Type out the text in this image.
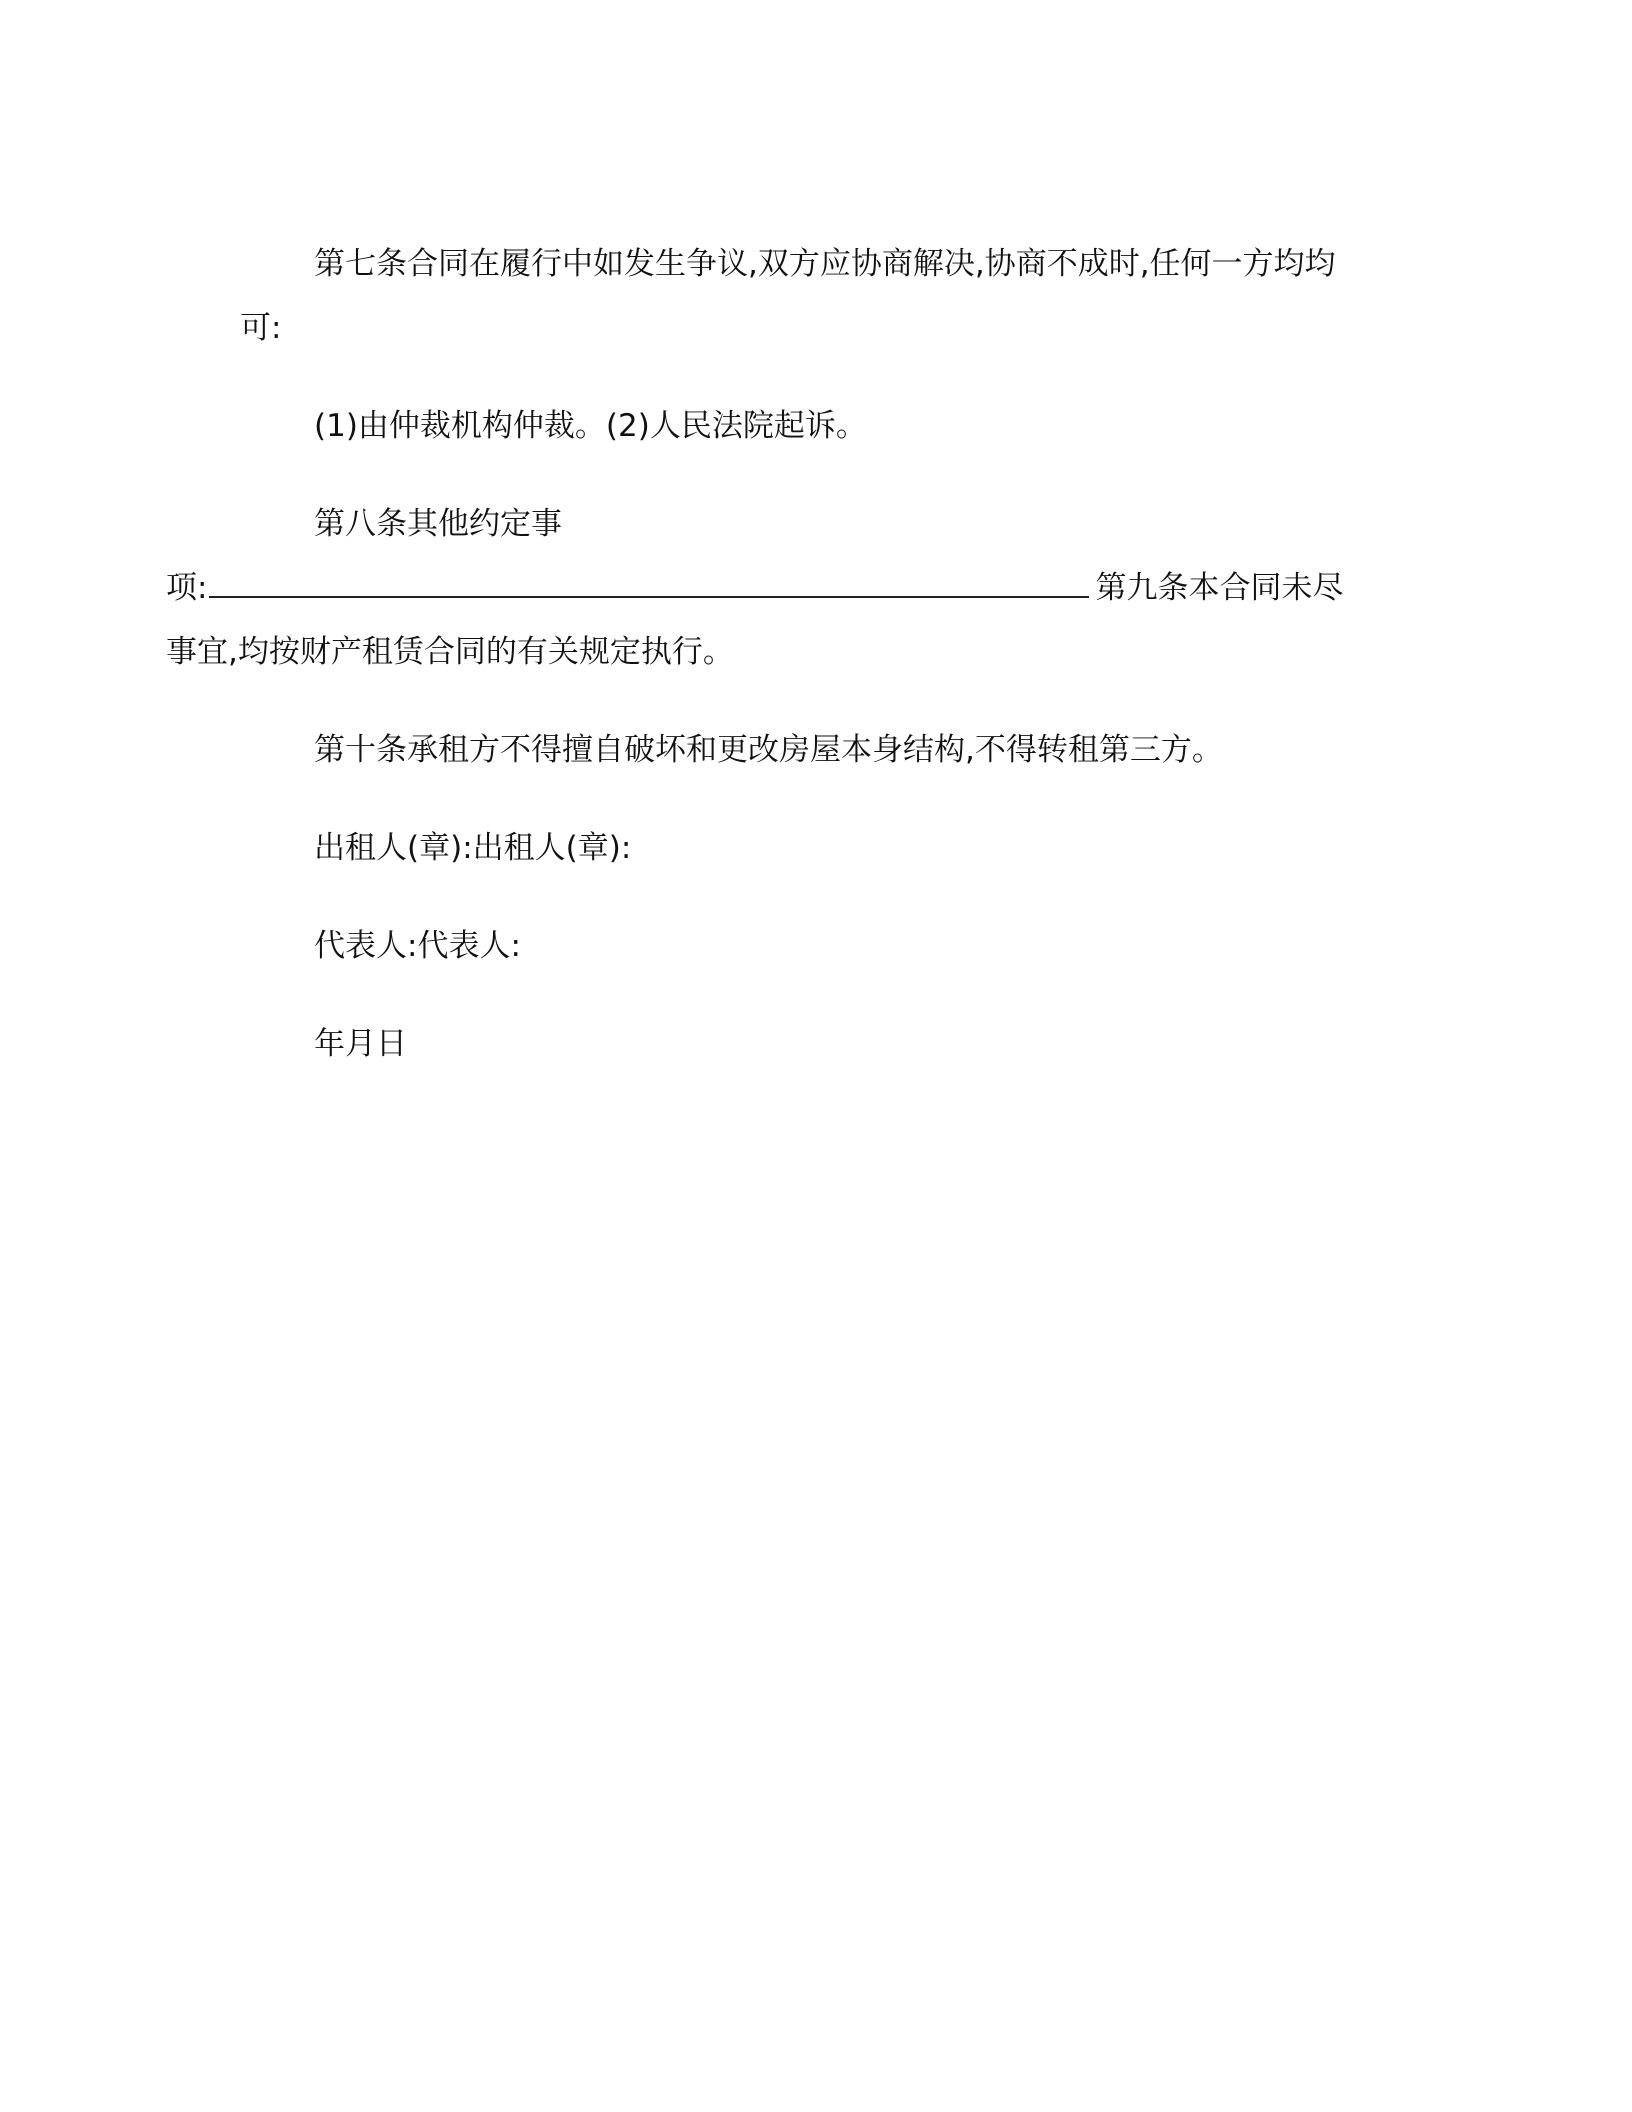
第七条合同在履行中如发生争议,双方应协商解决,协商不成时,任何一方均均可:

(1)由仲裁机构仲裁。(2)人民法院起诉。

第八条其他约定事

项:	第九条本合同未尽事宜,均按财产租赁合同的有关规定执行。

第十条承租方不得擅自破坏和更改房屋本身结构,不得转租第三方。

出租人(章):出租人(章):

代表人:代表人:

年月日
